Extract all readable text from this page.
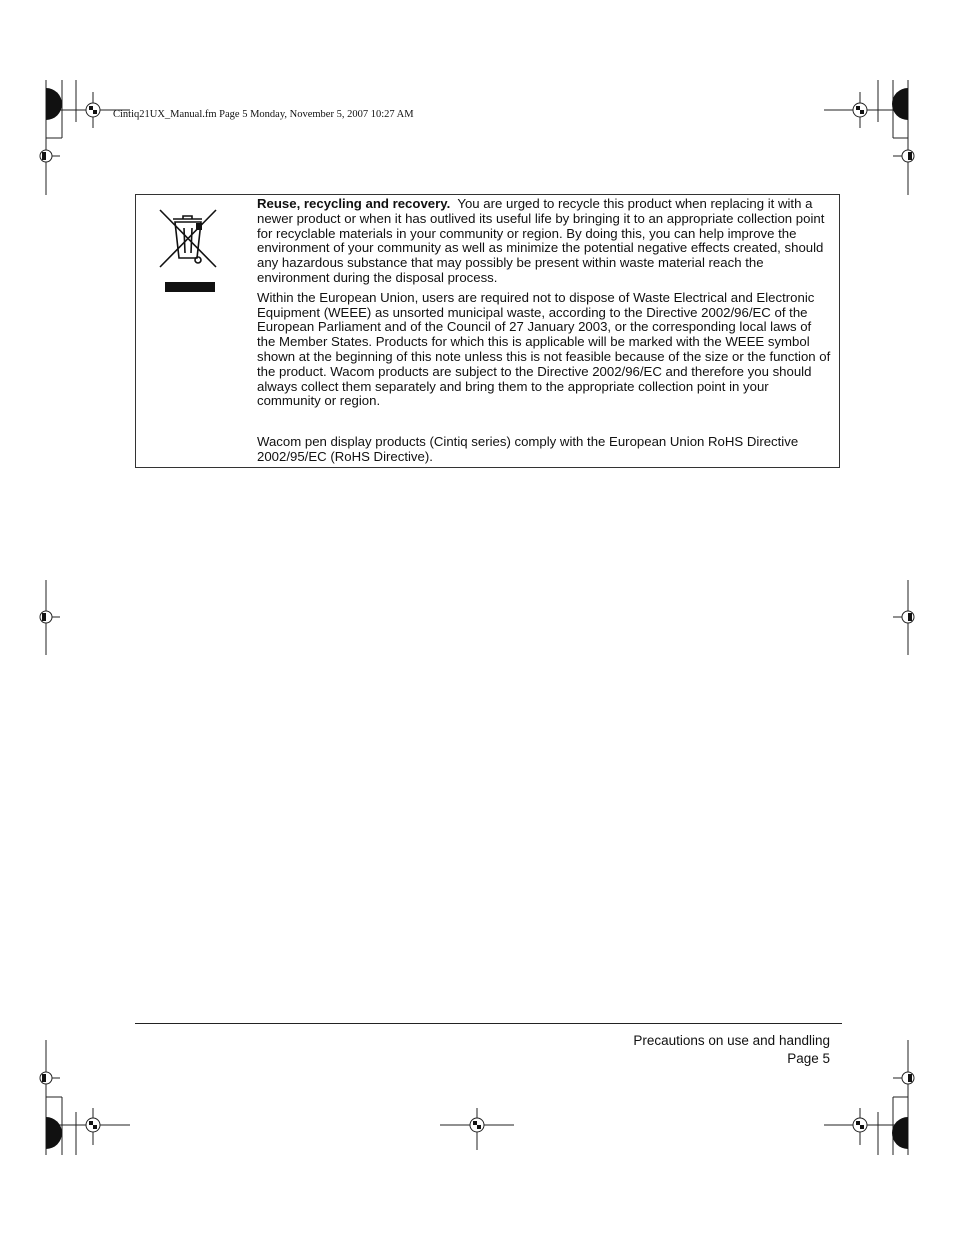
Cintiq21UX_Manual.fm Page 5 Monday, November 5, 2007 10:27 AM

Reuse, recycling and recovery. You are urged to recycle this product when replacing it with a newer product or when it has outlived its useful life by bringing it to an appropriate collection point for recyclable materials in your community or region. By doing this, you can help improve the environment of your community as well as minimize the potential negative effects created, should any hazardous substance that may possibly be present within waste material reach the environment during the disposal process.

Within the European Union, users are required not to dispose of Waste Electrical and Electronic Equipment (WEEE) as unsorted municipal waste, according to the Directive 2002/96/EC of the European Parliament and of the Council of 27 January 2003, or the corresponding local laws of the Member States. Products for which this is applicable will be marked with the WEEE symbol shown at the beginning of this note unless this is not feasible because of the size or the function of the product. Wacom products are subject to the Directive 2002/96/EC and therefore you should always collect them separately and bring them to the appropriate collection point in your community or region.

Wacom pen display products (Cintiq series) comply with the European Union RoHS Directive 2002/95/EC (RoHS Directive).

Precautions on use and handling
Page 5
